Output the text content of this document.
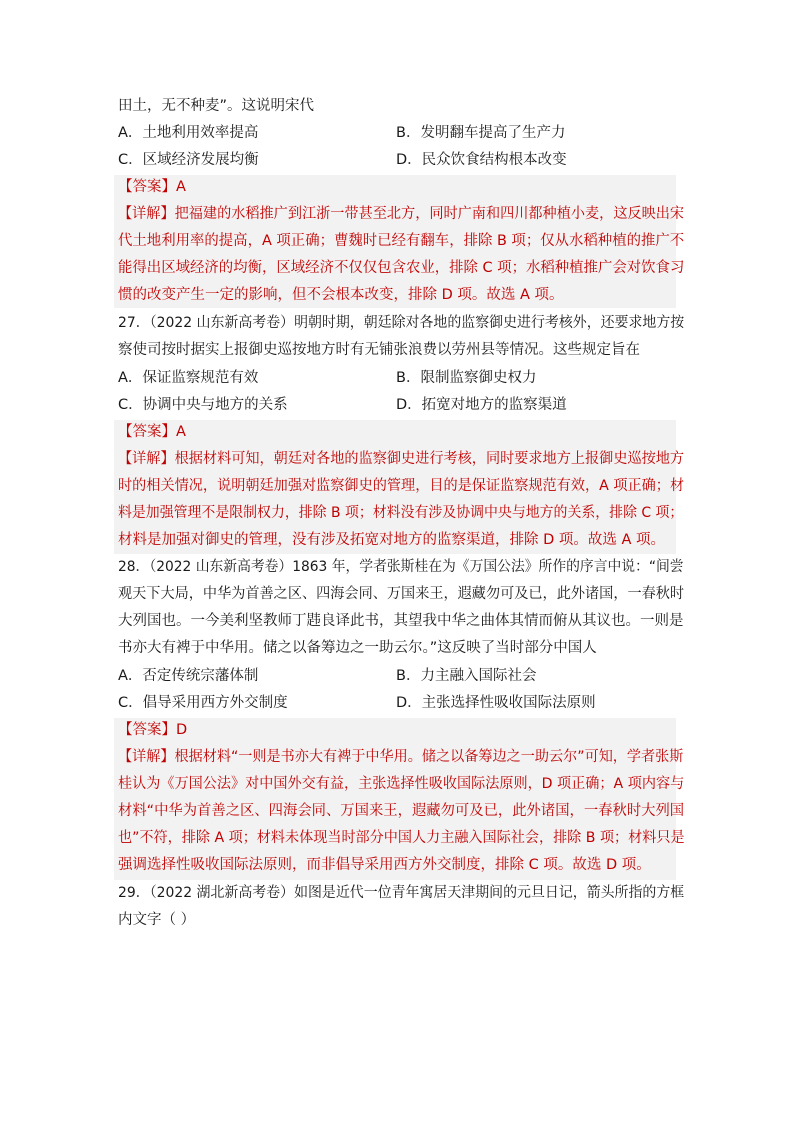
田土，无不种麦”。这说明宋代
A．土地利用效率提高	B．发明翻车提高了生产力
C．区域经济发展均衡	D．民众饮食结构根本改变
【答案】A
【详解】把福建的水稻推广到江浙一带甚至北方，同时广南和四川都种植小麦，这反映出宋
代土地利用率的提高，A 项正确；曹魏时已经有翻车，排除 B 项；仅从水稻种植的推广不
能得出区域经济的均衡，区域经济不仅仅包含农业，排除 C 项；水稻种植推广会对饮食习
惯的改变产生一定的影响，但不会根本改变，排除 D 项。故选 A 项。
27．（2022 山东新高考卷）明朝时期，朝廷除对各地的监察御史进行考核外，还要求地方按
察使司按时据实上报御史巡按地方时有无铺张浪费以劳州县等情况。这些规定旨在
A．保证监察规范有效	B．限制监察御史权力
C．协调中央与地方的关系	D．拓宽对地方的监察渠道
【答案】A
【详解】根据材料可知，朝廷对各地的监察御史进行考核，同时要求地方上报御史巡按地方
时的相关情况，说明朝廷加强对监察御史的管理，目的是保证监察规范有效，A 项正确；材
料是加强管理不是限制权力，排除 B 项；材料没有涉及协调中央与地方的关系，排除 C 项；
材料是加强对御史的管理，没有涉及拓宽对地方的监察渠道，排除 D 项。故选 A 项。
28．（2022 山东新高考卷）1863 年，学者张斯桂在为《万国公法》所作的序言中说：“间尝
观天下大局，中华为首善之区、四海会同、万国来王，遐藏勿可及已，此外诸国，一春秋时
大列国也。一今美利坚教师丁韪良译此书，其望我中华之曲体其情而俯从其议也。一则是
书亦大有裨于中华用。储之以备筹边之一助云尔。”这反映了当时部分中国人
A．否定传统宗藩体制	B．力主融入国际社会
C．倡导采用西方外交制度	D．主张选择性吸收国际法原则
【答案】D
【详解】根据材料“一则是书亦大有裨于中华用。储之以备筹边之一助云尔”可知，学者张斯
桂认为《万国公法》对中国外交有益，主张选择性吸收国际法原则，D 项正确；A 项内容与
材料“中华为首善之区、四海会同、万国来王，遐藏勿可及已，此外诸国，一春秋时大列国
也”不符，排除 A 项；材料未体现当时部分中国人力主融入国际社会，排除 B 项；材料只是
强调选择性吸收国际法原则，而非倡导采用西方外交制度，排除 C 项。故选 D 项。
29．（2022 湖北新高考卷）如图是近代一位青年寓居天津期间的元旦日记，箭头所指的方框
内文字（ ）
